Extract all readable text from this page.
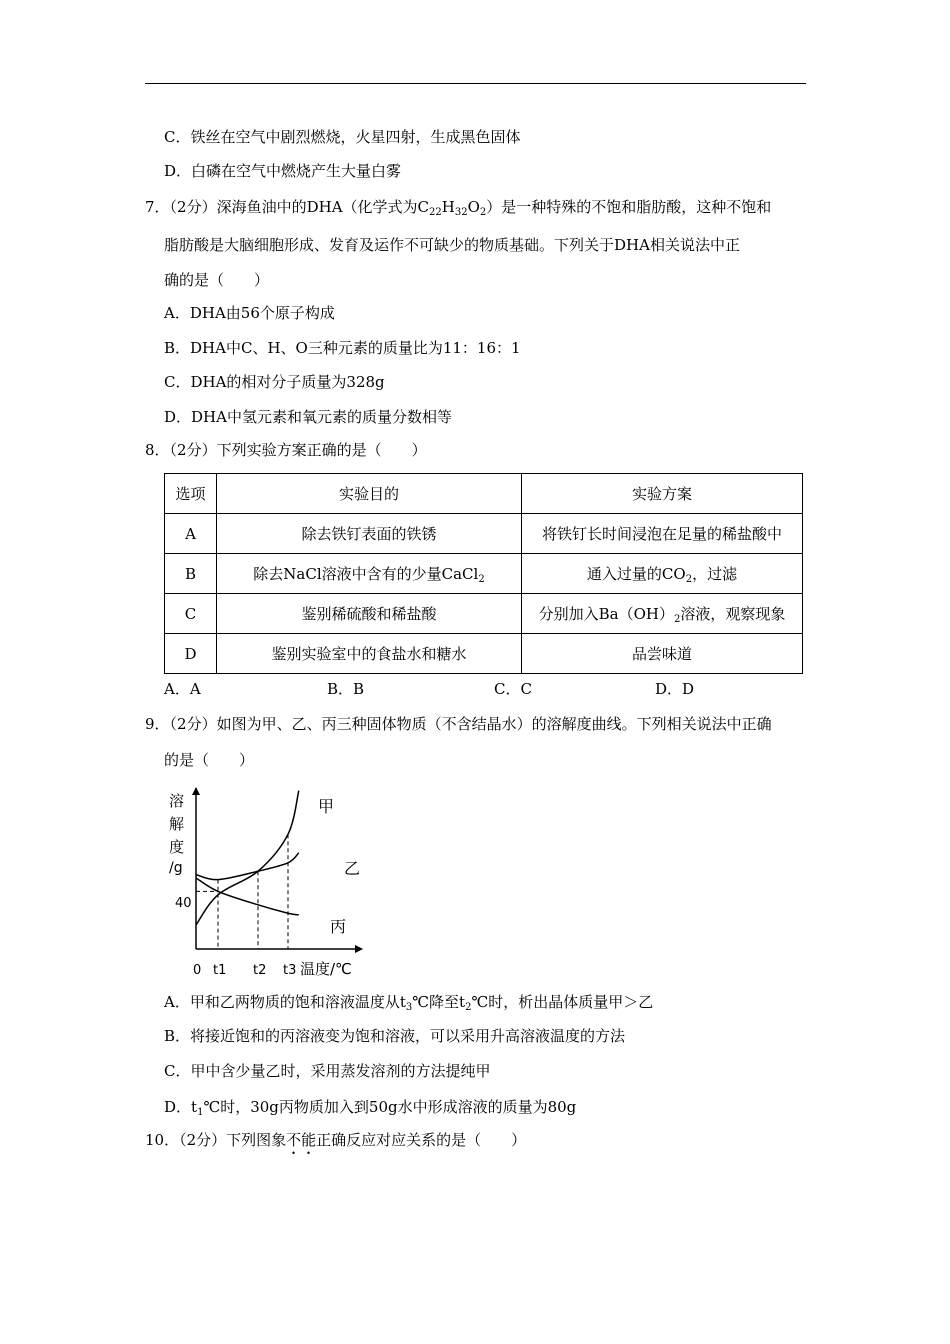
C．铁丝在空气中剧烈燃烧，火星四射，生成黑色固体
D．白磷在空气中燃烧产生大量白雾
7．（2分）深海鱼油中的DHA（化学式为$C_{22}H_{32}O_2$）是一种特殊的不饱和脂肪酸，这种不饱和
脂肪酸是大脑细胞形成、发育及运作不可缺少的物质基础。下列关于DHA相关说法中正
确的是（　　）
A．DHA由56个原子构成
B．DHA中C、H、O三种元素的质量比为11：16：1
C．DHA的相对分子质量为328g
D．DHA中氢元素和氧元素的质量分数相等
8．（2分）下列实验方案正确的是（　　）
选项	实验目的	实验方案
A	除去铁钉表面的铁锈	将铁钉长时间浸泡在足量的稀盐酸中
B	除去NaCl溶液中含有的少量CaCl$_2$	通入过量的$CO_2$，过滤
C	鉴别稀硫酸和稀盐酸	分别加入$Ba(OH)_2$溶液，观察现象
D	鉴别实验室中的食盐水和糖水	品尝味道
A．A	B．B	C．C	D．D
9．（2分）如图为甲、乙、丙三种固体物质（不含结晶水）的溶解度曲线。下列相关说法中正确
的是（　　）
溶
解
度
/g
40
0 t1 t2 t3 温度/℃
甲
乙
丙
A．甲和乙两物质的饱和溶液温度从$t_3℃$降至$t_2℃$时，析出晶体质量甲＞乙
B．将接近饱和的丙溶液变为饱和溶液，可以采用升高溶液温度的方法
C．甲中含少量乙时，采用蒸发溶剂的方法提纯甲
D．$t_1℃$时，30g丙物质加入到50g水中形成溶液的质量为80g
10．（2分）下列图象不能正确反应对应关系的是（　　）
